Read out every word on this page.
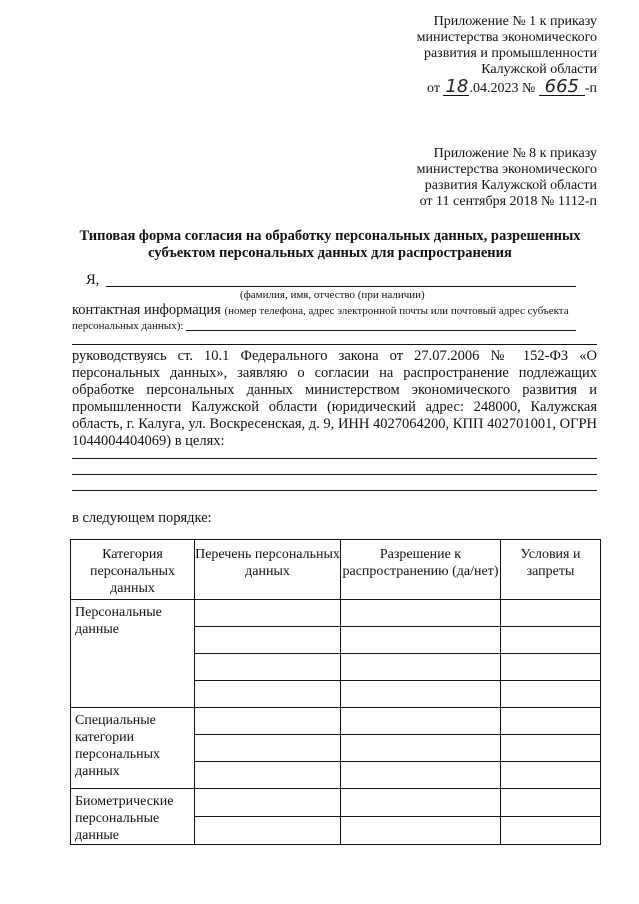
Приложение № 1 к приказу
министерства экономического
развития и промышленности
Калужской области
от 18.04.2023 № 665 -п
Приложение № 8 к приказу
министерства экономического
развития Калужской области
от 11 сентября 2018 № 1112-п
Типовая форма согласия на обработку персональных данных, разрешенных
субъектом персональных данных для распространения
Я,
(фамилия, имя, отчество (при наличии)
контактная информация (номер телефона, адрес электронной почты или почтовый адрес субъекта
персональных данных):
руководствуясь ст. 10.1 Федерального закона от 27.07.2006 № 152-ФЗ «О персональных данных», заявляю о согласии на распространение подлежащих обработке персональных данных министерством экономического развития и промышленности Калужской области (юридический адрес: 248000, Калужская область, г. Калуга, ул. Воскресенская, д. 9, ИНН 4027064200, КПП 402701001, ОГРН 1044004404069) в целях:
в следующем порядке:
Категория персональных данных	Перечень персональных данных	Разрешение к распространению (да/нет)	Условия и запреты
Персональные данные			

Специальные категории персональных данных			

Биометрические персональные данные			
